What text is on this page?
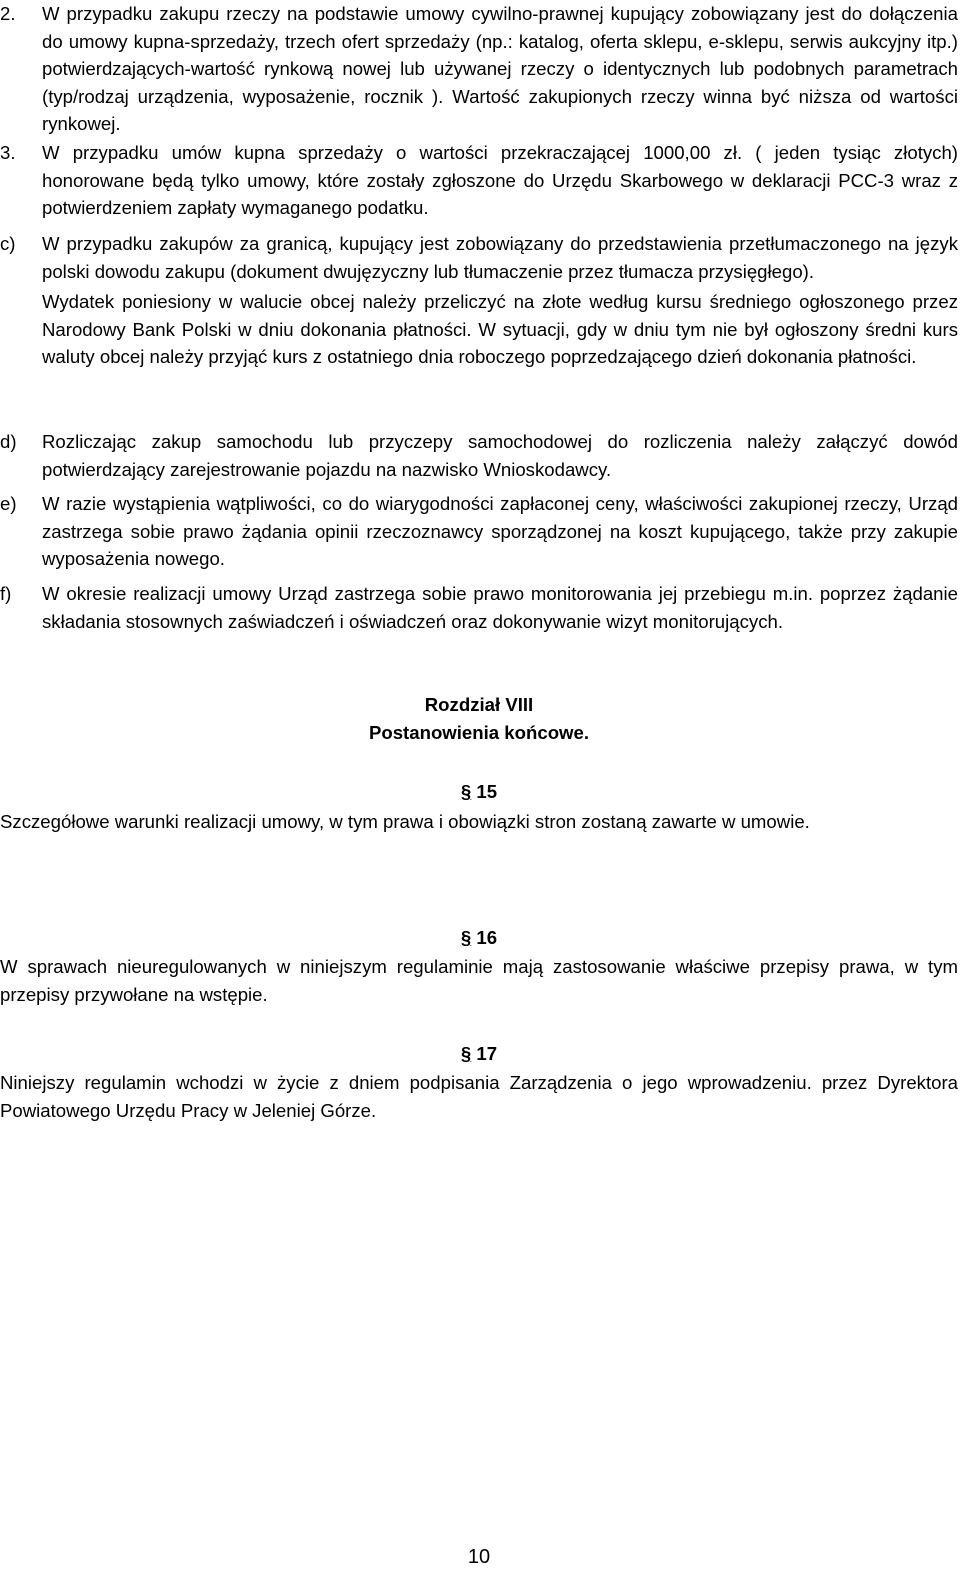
2.	W przypadku zakupu rzeczy na podstawie umowy cywilno-prawnej kupujący zobowiązany jest do dołączenia do umowy kupna-sprzedaży, trzech ofert sprzedaży (np.: katalog, oferta sklepu, e-sklepu, serwis aukcyjny itp.) potwierdzających-wartość rynkową nowej lub używanej rzeczy o identycznych lub podobnych parametrach (typ/rodzaj urządzenia, wyposażenie, rocznik ). Wartość zakupionych rzeczy winna być niższa od wartości rynkowej.
3.	W przypadku umów kupna sprzedaży o wartości przekraczającej 1000,00 zł. ( jeden tysiąc złotych) honorowane będą tylko umowy, które zostały zgłoszone do Urzędu Skarbowego w deklaracji PCC-3 wraz z potwierdzeniem zapłaty wymaganego podatku.
c)	W przypadku zakupów za granicą, kupujący jest zobowiązany do przedstawienia przetłumaczonego na język polski dowodu zakupu (dokument dwujęzyczny lub tłumaczenie przez tłumacza przysięgłego).
Wydatek poniesiony w walucie obcej należy przeliczyć na złote według kursu średniego ogłoszonego przez Narodowy Bank Polski w dniu dokonania płatności. W sytuacji, gdy w dniu tym nie był ogłoszony średni kurs waluty obcej należy przyjąć kurs z ostatniego dnia roboczego poprzedzającego dzień dokonania płatności.
d)	Rozliczając zakup samochodu lub przyczepy samochodowej do rozliczenia należy załączyć dowód potwierdzający zarejestrowanie pojazdu na nazwisko Wnioskodawcy.
e)	W razie wystąpienia wątpliwości, co do wiarygodności zapłaconej ceny, właściwości zakupionej rzeczy, Urząd zastrzega sobie prawo żądania opinii rzeczoznawcy sporządzonej na koszt kupującego, także przy zakupie wyposażenia nowego.
f)	W okresie realizacji umowy Urząd zastrzega sobie prawo monitorowania jej przebiegu m.in. poprzez żądanie składania stosownych zaświadczeń i oświadczeń oraz dokonywanie wizyt monitorujących.
Rozdział VIII
Postanowienia końcowe.
§ 15
Szczegółowe warunki realizacji umowy, w tym prawa i obowiązki stron zostaną zawarte w umowie.
§ 16
W sprawach nieuregulowanych w niniejszym regulaminie mają zastosowanie właściwe przepisy prawa, w tym przepisy przywołane na wstępie.
§ 17
Niniejszy regulamin wchodzi w życie z dniem podpisania Zarządzenia o jego wprowadzeniu. przez Dyrektora Powiatowego Urzędu Pracy w Jeleniej Górze.
10
